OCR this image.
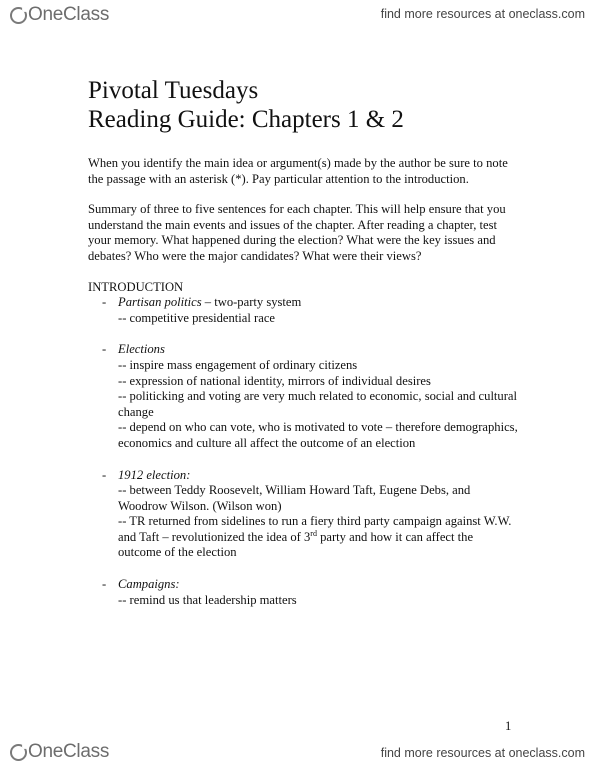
OneClass	find more resources at oneclass.com
Pivotal Tuesdays
Reading Guide: Chapters 1 & 2

When you identify the main idea or argument(s) made by the author be sure to note the passage with an asterisk (*). Pay particular attention to the introduction.

Summary of three to five sentences for each chapter. This will help ensure that you understand the main events and issues of the chapter. After reading a chapter, test your memory. What happened during the election? What were the key issues and debates? Who were the major candidates? What were their views?

INTRODUCTION
- Partisan politics – two-party system
-- competitive presidential race
- Elections
-- inspire mass engagement of ordinary citizens
-- expression of national identity, mirrors of individual desires
-- politicking and voting are very much related to economic, social and cultural change
-- depend on who can vote, who is motivated to vote – therefore demographics, economics and culture all affect the outcome of an election
- 1912 election:
-- between Teddy Roosevelt, William Howard Taft, Eugene Debs, and Woodrow Wilson. (Wilson won)
-- TR returned from sidelines to run a fiery third party campaign against W.W. and Taft – revolutionized the idea of 3rd party and how it can affect the outcome of the election
- Campaigns:
-- remind us that leadership matters
1
OneClass	find more resources at oneclass.com
